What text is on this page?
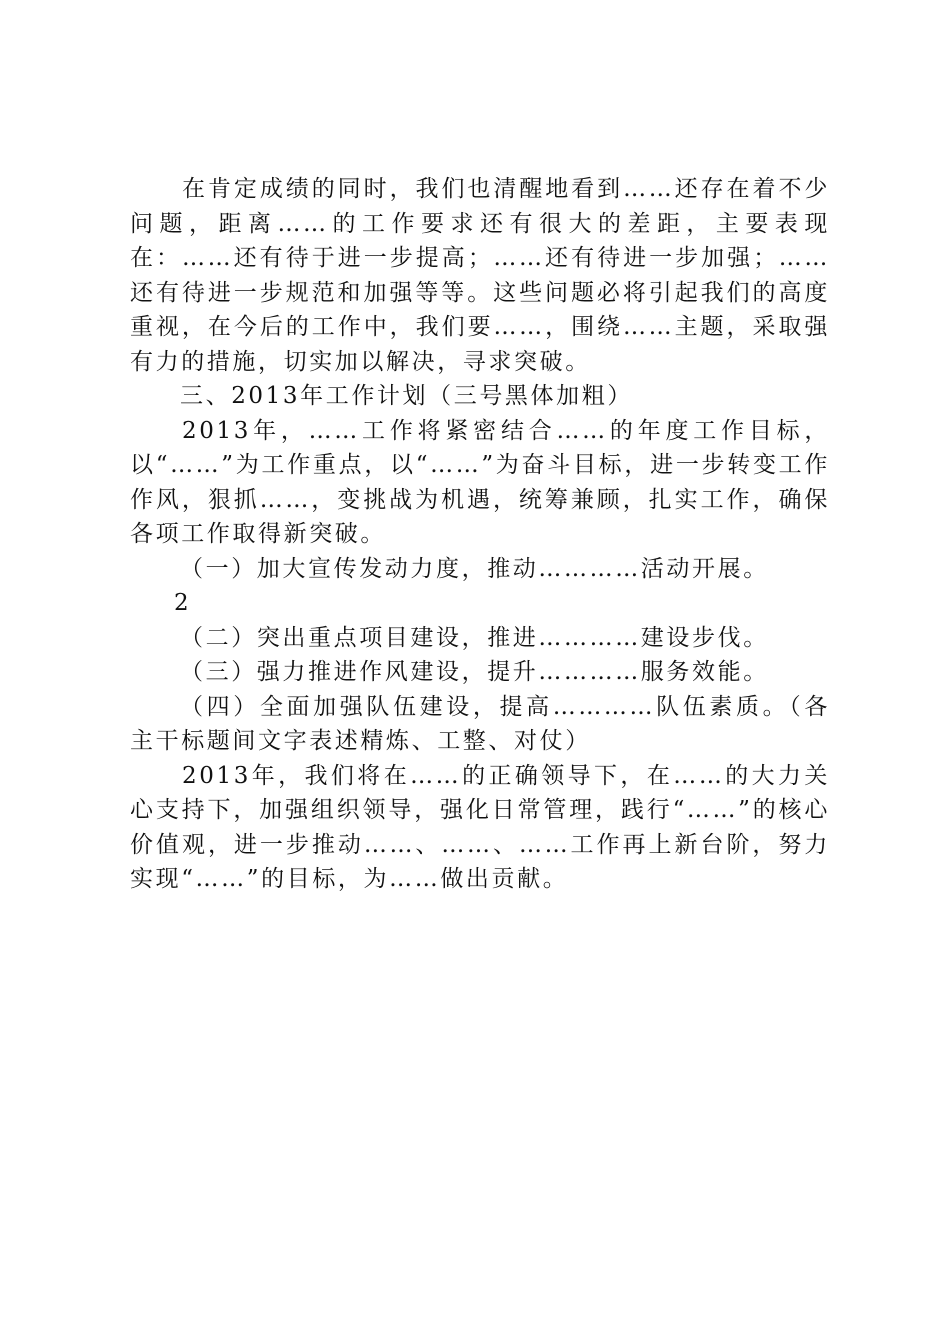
在肯定成绩的同时，我们也清醒地看到……还存在着不少问题，距离……的工作要求还有很大的差距，主要表现在：……还有待于进一步提高；……还有待进一步加强；……还有待进一步规范和加强等等。这些问题必将引起我们的高度重视，在今后的工作中，我们要……，围绕……主题，采取强有力的措施，切实加以解决，寻求突破。

三、2013年工作计划（三号黑体加粗）

2013年，……工作将紧密结合……的年度工作目标，以“……”为工作重点，以“……”为奋斗目标，进一步转变工作作风，狠抓……，变挑战为机遇，统筹兼顾，扎实工作，确保各项工作取得新突破。

（一）加大宣传发动力度，推动…………活动开展。

2

（二）突出重点项目建设，推进…………建设步伐。

（三）强力推进作风建设，提升…………服务效能。

（四）全面加强队伍建设，提高…………队伍素质。（各主干标题间文字表述精炼、工整、对仗）

2013年，我们将在……的正确领导下，在……的大力关心支持下，加强组织领导，强化日常管理，践行“……”的核心价值观，进一步推动……、……、……工作再上新台阶，努力实现“……”的目标，为……做出贡献。
